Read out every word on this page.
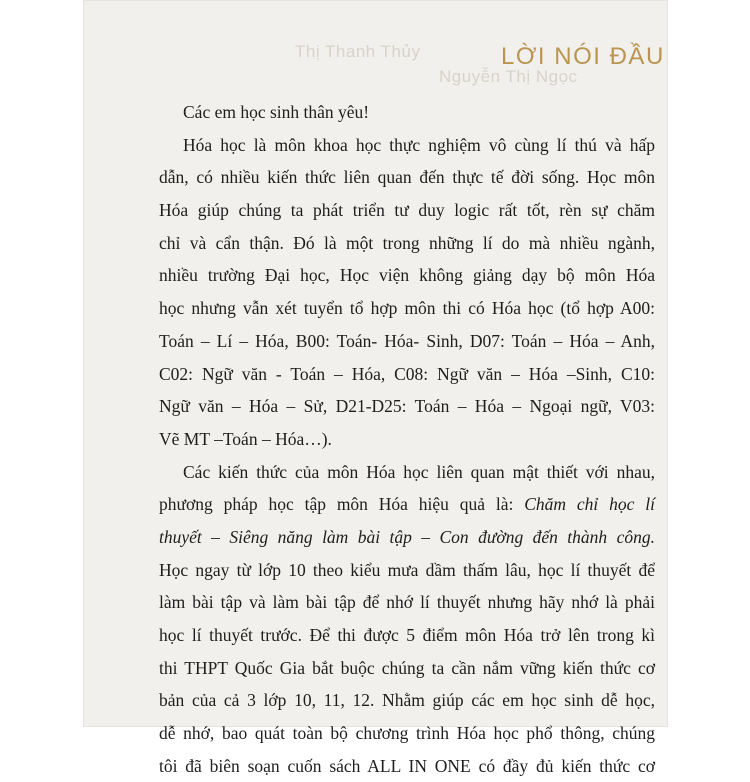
Thị Thanh Thủy
Nguyễn Thị Ngọc
LỜI NÓI ĐẦU
Các em học sinh thân yêu!
Hóa học là môn khoa học thực nghiệm vô cùng lí thú và hấp
dẫn, có nhiều kiến thức liên quan đến thực tế đời sống. Học môn
Hóa giúp chúng ta phát triển tư duy logic rất tốt, rèn sự chăm
chỉ và cẩn thận. Đó là một trong những lí do mà nhiều ngành,
nhiều trường Đại học, Học viện không giảng dạy bộ môn Hóa
học nhưng vẫn xét tuyển tổ hợp môn thi có Hóa học (tổ hợp A00:
Toán – Lí – Hóa, B00: Toán- Hóa- Sinh, D07: Toán – Hóa – Anh,
C02: Ngữ văn - Toán – Hóa, C08: Ngữ văn – Hóa –Sinh, C10:
Ngữ văn – Hóa – Sử, D21-D25: Toán – Hóa – Ngoại ngữ, V03:
Vẽ MT –Toán – Hóa…).
Các kiến thức của môn Hóa học liên quan mật thiết với nhau,
phương pháp học tập môn Hóa hiệu quả là: Chăm chỉ học lí
thuyết – Siêng năng làm bài tập – Con đường đến thành công.
Học ngay từ lớp 10 theo kiểu mưa dầm thấm lâu, học lí thuyết để
làm bài tập và làm bài tập để nhớ lí thuyết nhưng hãy nhớ là phải
học lí thuyết trước. Để thi được 5 điểm môn Hóa trở lên trong kì
thi THPT Quốc Gia bắt buộc chúng ta cần nắm vững kiến thức cơ
bản của cả 3 lớp 10, 11, 12. Nhằm giúp các em học sinh dễ học,
dễ nhớ, bao quát toàn bộ chương trình Hóa học phổ thông, chúng
tôi đã biên soạn cuốn sách ALL IN ONE có đầy đủ kiến thức cơ
